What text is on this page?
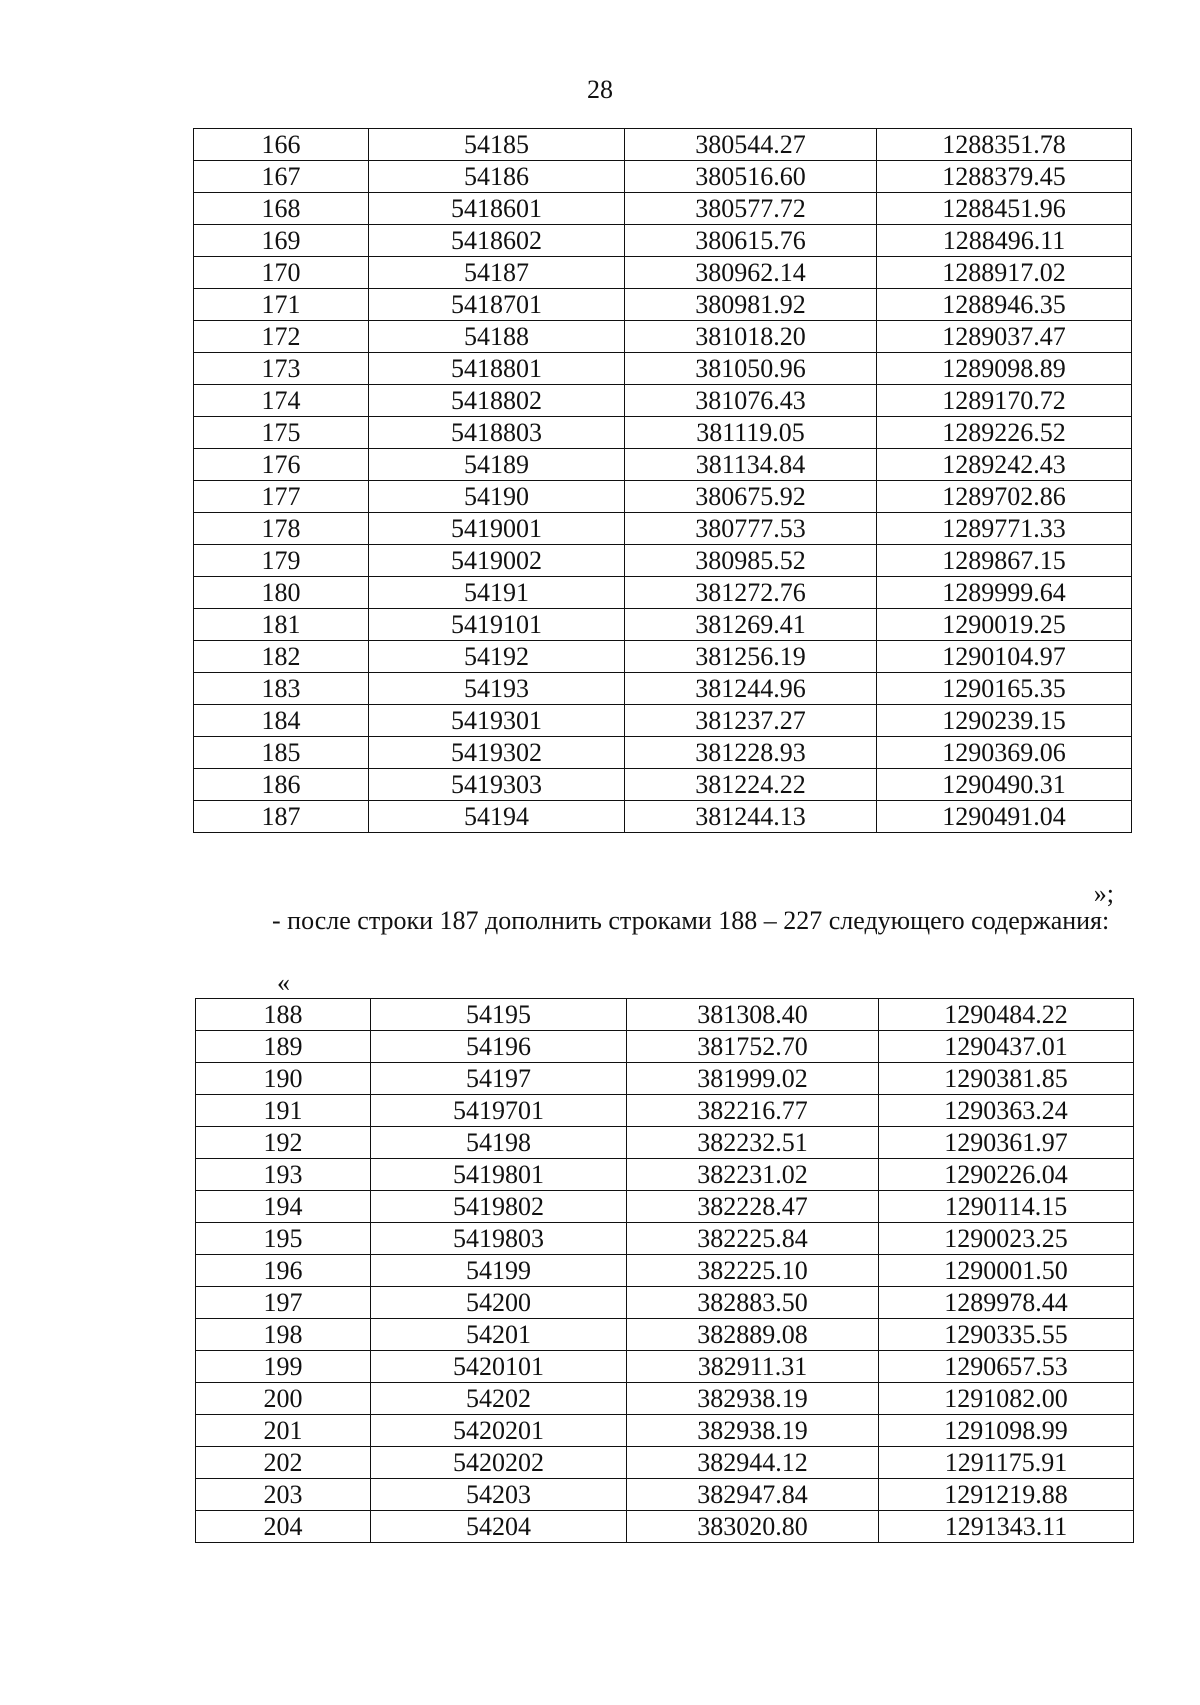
28
166	54185	380544.27	1288351.78
167	54186	380516.60	1288379.45
168	5418601	380577.72	1288451.96
169	5418602	380615.76	1288496.11
170	54187	380962.14	1288917.02
171	5418701	380981.92	1288946.35
172	54188	381018.20	1289037.47
173	5418801	381050.96	1289098.89
174	5418802	381076.43	1289170.72
175	5418803	381119.05	1289226.52
176	54189	381134.84	1289242.43
177	54190	380675.92	1289702.86
178	5419001	380777.53	1289771.33
179	5419002	380985.52	1289867.15
180	54191	381272.76	1289999.64
181	5419101	381269.41	1290019.25
182	54192	381256.19	1290104.97
183	54193	381244.96	1290165.35
184	5419301	381237.27	1290239.15
185	5419302	381228.93	1290369.06
186	5419303	381224.22	1290490.31
187	54194	381244.13	1290491.04
»;

- после строки 187 дополнить строками 188 – 227 следующего содержания:

«
188	54195	381308.40	1290484.22
189	54196	381752.70	1290437.01
190	54197	381999.02	1290381.85
191	5419701	382216.77	1290363.24
192	54198	382232.51	1290361.97
193	5419801	382231.02	1290226.04
194	5419802	382228.47	1290114.15
195	5419803	382225.84	1290023.25
196	54199	382225.10	1290001.50
197	54200	382883.50	1289978.44
198	54201	382889.08	1290335.55
199	5420101	382911.31	1290657.53
200	54202	382938.19	1291082.00
201	5420201	382938.19	1291098.99
202	5420202	382944.12	1291175.91
203	54203	382947.84	1291219.88
204	54204	383020.80	1291343.11
